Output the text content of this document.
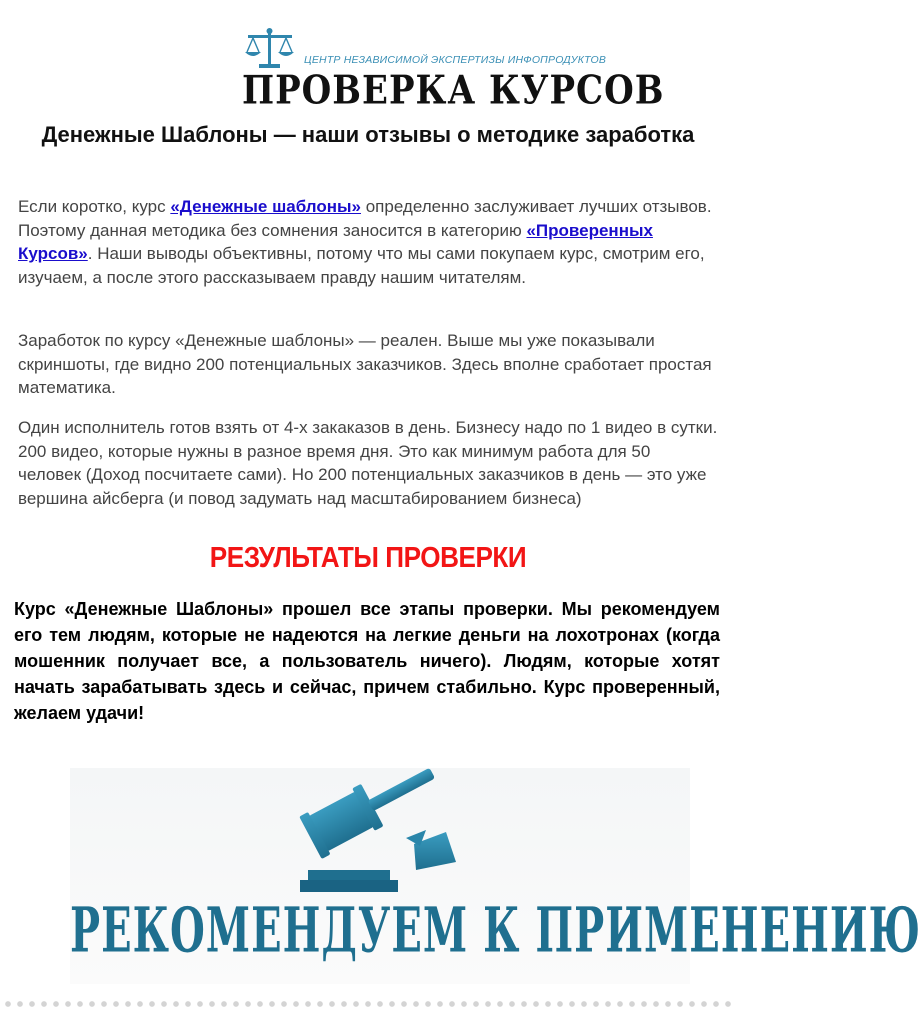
ЦЕНТР НЕЗАВИСИМОЙ ЭКСПЕРТИЗЫ ИНФОПРОДУКТОВ
ПРОВЕРКА КУРСОВ
Денежные Шаблоны — наши отзывы о методике заработка

Если коротко, курс «Денежные шаблоны» определенно заслуживает лучших отзывов. Поэтому данная методика без сомнения заносится в категорию «Проверенных Курсов». Наши выводы объективны, потому что мы сами покупаем курс, смотрим его, изучаем, а после этого рассказываем правду нашим читателям.

Заработок по курсу «Денежные шаблоны» — реален. Выше мы уже показывали скриншоты, где видно 200 потенциальных заказчиков. Здесь вполне сработает простая математика.

Один исполнитель готов взять от 4-х закаказов в день. Бизнесу надо по 1 видео в сутки. 200 видео, которые нужны в разное время дня. Это как минимум работа для 50 человек (Доход посчитаете сами). Но 200 потенциальных заказчиков в день — это уже вершина айсберга (и повод задумать над масштабированием бизнеса)

РЕЗУЛЬТАТЫ ПРОВЕРКИ

Курс «Денежные Шаблоны» прошел все этапы проверки. Мы рекомендуем его тем людям, которые не надеются на легкие деньги на лохотронах (когда мошенник получает все, а пользователь ничего). Людям, которые хотят начать зарабатывать здесь и сейчас, причем стабильно. Курс проверенный, желаем удачи!

РЕКОМЕНДУЕМ К ПРИМЕНЕНИЮ
